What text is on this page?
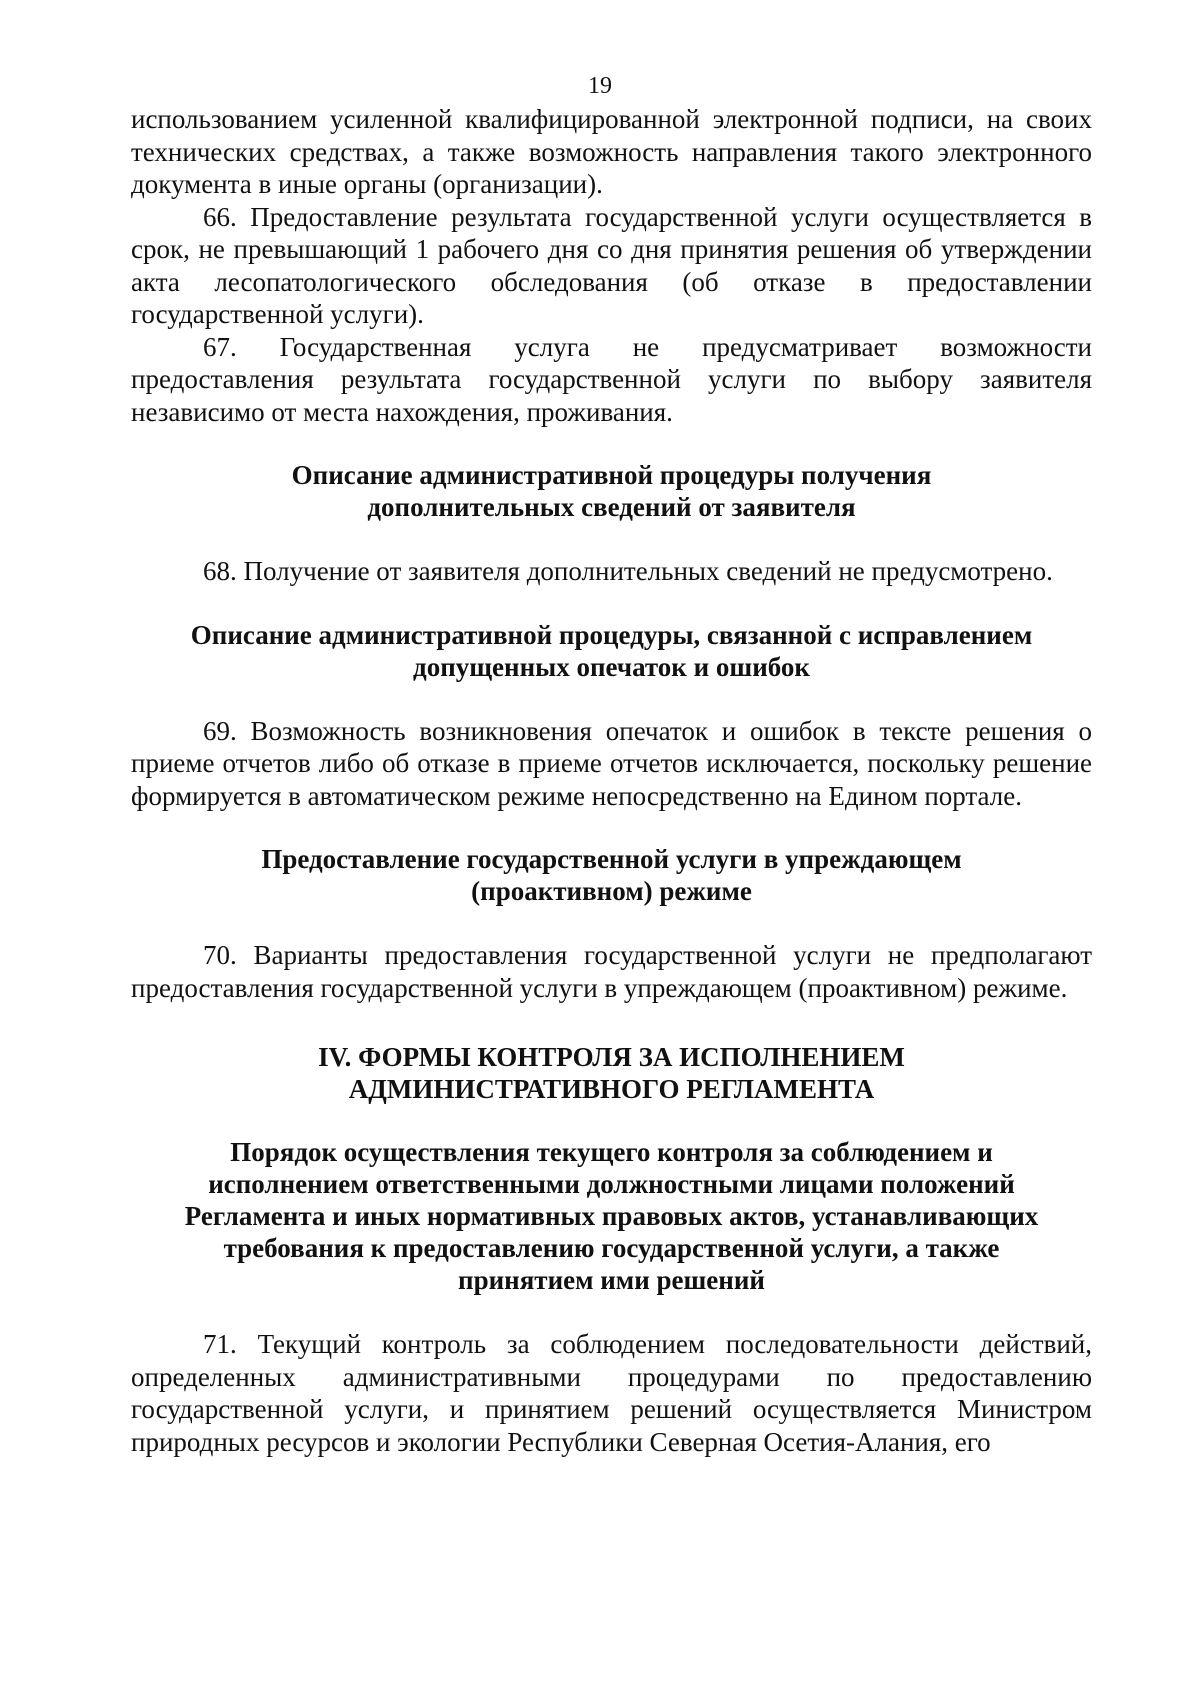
19

использованием усиленной квалифицированной электронной подписи, на своих технических средствах, а также возможность направления такого электронного документа в иные органы (организации).

66. Предоставление результата государственной услуги осуществляется в срок, не превышающий 1 рабочего дня со дня принятия решения об утверждении акта лесопатологического обследования (об отказе в предоставлении государственной услуги).

67. Государственная услуга не предусматривает возможности предоставления результата государственной услуги по выбору заявителя независимо от места нахождения, проживания.

Описание административной процедуры получения
дополнительных сведений от заявителя

68. Получение от заявителя дополнительных сведений не предусмотрено.

Описание административной процедуры, связанной с исправлением
допущенных опечаток и ошибок

69. Возможность возникновения опечаток и ошибок в тексте решения о приеме отчетов либо об отказе в приеме отчетов исключается, поскольку решение формируется в автоматическом режиме непосредственно на Едином портале.

Предоставление государственной услуги в упреждающем
(проактивном) режиме

70. Варианты предоставления государственной услуги не предполагают предоставления государственной услуги в упреждающем (проактивном) режиме.

IV. ФОРМЫ КОНТРОЛЯ ЗА ИСПОЛНЕНИЕМ
АДМИНИСТРАТИВНОГО РЕГЛАМЕНТА
Порядок осуществления текущего контроля за соблюдением и
исполнением ответственными должностными лицами положений
Регламента и иных нормативных правовых актов, устанавливающих
требования к предоставлению государственной услуги, а также
принятием ими решений

71. Текущий контроль за соблюдением последовательности действий, определенных административными процедурами по предоставлению государственной услуги, и принятием решений осуществляется Министром природных ресурсов и экологии Республики Северная Осетия-Алания, его
